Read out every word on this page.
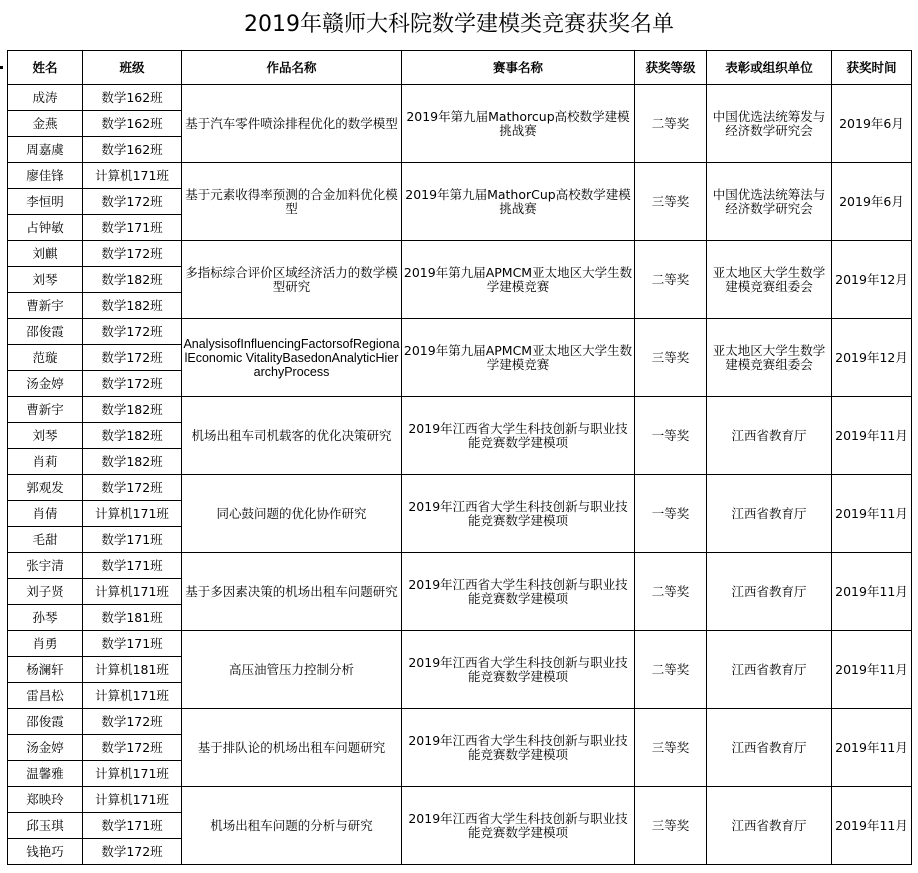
2019年赣师大科院数学建模类竞赛获奖名单
姓名	班级	作品名称	赛事名称	获奖等级	表彰或组织单位	获奖时间
成涛	数学162班	基于汽车零件喷涂排程优化的数学模型	2019年第九届Mathorcup高校数学建模挑战赛	二等奖	中国优选法统筹发与经济数学研究会	2019年6月
金燕	数学162班					
周嘉虞	数学162班					
廖佳锋	计算机171班	基于元素收得率预测的合金加料优化模型	2019年第九届MathorCup高校数学建模挑战赛	三等奖	中国优选法统筹法与经济数学研究会	2019年6月
李恒明	数学172班					
占钟敏	数学171班					
刘麒	数学172班	多指标综合评价区域经济活力的数学模型研究	2019年第九届APMCM亚太地区大学生数学建模竞赛	二等奖	亚太地区大学生数学建模竞赛组委会	2019年12月
刘琴	数学182班					
曹新宇	数学182班					
邵俊霞	数学172班	AnalysisofInfluencingFactorsofRegionalEconomic VitalityBasedonAnalyticHierarchyProcess	2019年第九届APMCM亚太地区大学生数学建模竞赛	三等奖	亚太地区大学生数学建模竞赛组委会	2019年12月
范璇	数学172班					
汤金婷	数学172班					
曹新宇	数学182班	机场出租车司机载客的优化决策研究	2019年江西省大学生科技创新与职业技能竞赛数学建模项	一等奖	江西省教育厅	2019年11月
刘琴	数学182班					
肖莉	数学182班					
郭观发	数学172班	同心鼓问题的优化协作研究	2019年江西省大学生科技创新与职业技能竞赛数学建模项	一等奖	江西省教育厅	2019年11月
肖倩	计算机171班					
毛甜	数学171班					
张宇清	数学171班	基于多因素决策的机场出租车问题研究	2019年江西省大学生科技创新与职业技能竞赛数学建模项	二等奖	江西省教育厅	2019年11月
刘子贤	计算机171班					
孙琴	数学181班					
肖勇	数学171班	高压油管压力控制分析	2019年江西省大学生科技创新与职业技能竞赛数学建模项	二等奖	江西省教育厅	2019年11月
杨澜轩	计算机181班					
雷昌松	计算机171班					
邵俊霞	数学172班	基于排队论的机场出租车问题研究	2019年江西省大学生科技创新与职业技能竞赛数学建模项	三等奖	江西省教育厅	2019年11月
汤金婷	数学172班					
温馨雅	计算机171班					
郑映玲	计算机171班	机场出租车问题的分析与研究	2019年江西省大学生科技创新与职业技能竞赛数学建模项	三等奖	江西省教育厅	2019年11月
邱玉琪	数学171班					
钱艳巧	数学172班					
